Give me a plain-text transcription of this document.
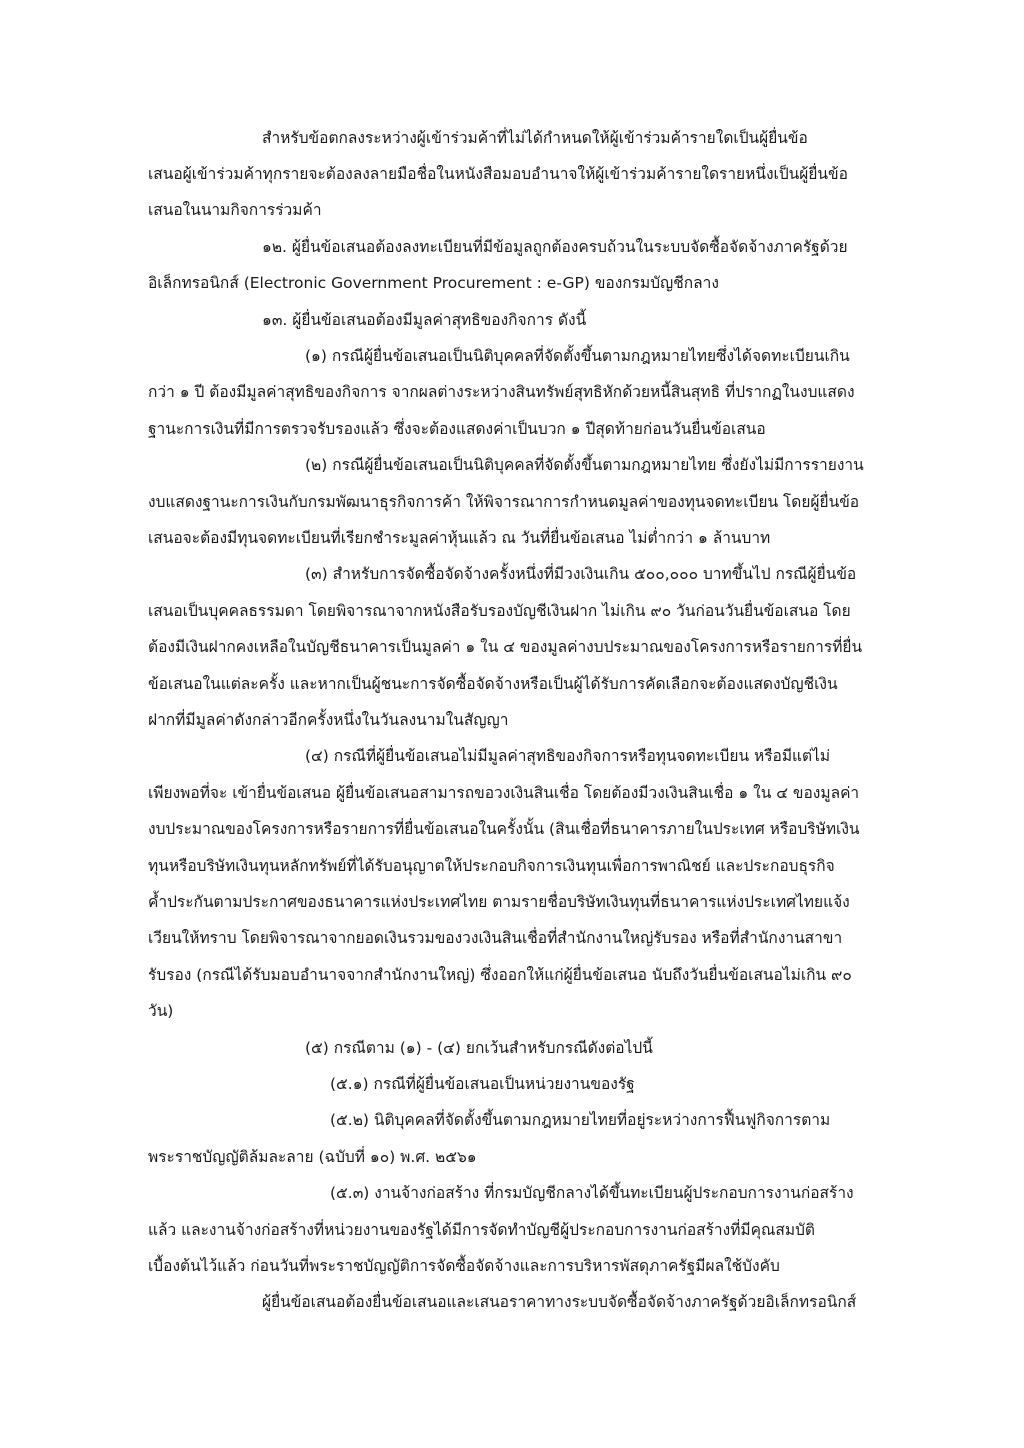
สำหรับข้อตกลงระหว่างผู้เข้าร่วมค้าที่ไม่ได้กำหนดให้ผู้เข้าร่วมค้ารายใดเป็นผู้ยื่นข้อ

เสนอผู้เข้าร่วมค้าทุกรายจะต้องลงลายมือชื่อในหนังสือมอบอำนาจให้ผู้เข้าร่วมค้ารายใดรายหนึ่งเป็นผู้ยื่นข้อ

เสนอในนามกิจการร่วมค้า

๑๒. ผู้ยื่นข้อเสนอต้องลงทะเบียนที่มีข้อมูลถูกต้องครบถ้วนในระบบจัดซื้อจัดจ้างภาครัฐด้วย

อิเล็กทรอนิกส์ (Electronic Government Procurement : e-GP) ของกรมบัญชีกลาง

๑๓. ผู้ยื่นข้อเสนอต้องมีมูลค่าสุทธิของกิจการ ดังนี้

(๑) กรณีผู้ยื่นข้อเสนอเป็นนิติบุคคลที่จัดตั้งขึ้นตามกฎหมายไทยซึ่งได้จดทะเบียนเกิน

กว่า ๑ ปี ต้องมีมูลค่าสุทธิของกิจการ จากผลต่างระหว่างสินทรัพย์สุทธิหักด้วยหนี้สินสุทธิ ที่ปรากฏในงบแสดง

ฐานะการเงินที่มีการตรวจรับรองแล้ว ซึ่งจะต้องแสดงค่าเป็นบวก ๑ ปีสุดท้ายก่อนวันยื่นข้อเสนอ

(๒) กรณีผู้ยื่นข้อเสนอเป็นนิติบุคคลที่จัดตั้งขึ้นตามกฎหมายไทย ซึ่งยังไม่มีการรายงาน

งบแสดงฐานะการเงินกับกรมพัฒนาธุรกิจการค้า ให้พิจารณาการกำหนดมูลค่าของทุนจดทะเบียน โดยผู้ยื่นข้อ

เสนอจะต้องมีทุนจดทะเบียนที่เรียกชำระมูลค่าหุ้นแล้ว ณ วันที่ยื่นข้อเสนอ ไม่ต่ำกว่า ๑ ล้านบาท

(๓) สำหรับการจัดซื้อจัดจ้างครั้งหนึ่งที่มีวงเงินเกิน ๕๐๐,๐๐๐ บาทขึ้นไป กรณีผู้ยื่นข้อ

เสนอเป็นบุคคลธรรมดา โดยพิจารณาจากหนังสือรับรองบัญชีเงินฝาก ไม่เกิน ๙๐ วันก่อนวันยื่นข้อเสนอ โดย

ต้องมีเงินฝากคงเหลือในบัญชีธนาคารเป็นมูลค่า ๑ ใน ๔ ของมูลค่างบประมาณของโครงการหรือรายการที่ยื่น

ข้อเสนอในแต่ละครั้ง และหากเป็นผู้ชนะการจัดซื้อจัดจ้างหรือเป็นผู้ได้รับการคัดเลือกจะต้องแสดงบัญชีเงิน

ฝากที่มีมูลค่าดังกล่าวอีกครั้งหนึ่งในวันลงนามในสัญญา

(๔) กรณีที่ผู้ยื่นข้อเสนอไม่มีมูลค่าสุทธิของกิจการหรือทุนจดทะเบียน หรือมีแต่ไม่

เพียงพอที่จะ เข้ายื่นข้อเสนอ ผู้ยื่นข้อเสนอสามารถขอวงเงินสินเชื่อ โดยต้องมีวงเงินสินเชื่อ ๑ ใน ๔ ของมูลค่า

งบประมาณของโครงการหรือรายการที่ยื่นข้อเสนอในครั้งนั้น (สินเชื่อที่ธนาคารภายในประเทศ หรือบริษัทเงิน

ทุนหรือบริษัทเงินทุนหลักทรัพย์ที่ได้รับอนุญาตให้ประกอบกิจการเงินทุนเพื่อการพาณิชย์ และประกอบธุรกิจ

ค้ำประกันตามประกาศของธนาคารแห่งประเทศไทย ตามรายชื่อบริษัทเงินทุนที่ธนาคารแห่งประเทศไทยแจ้ง

เวียนให้ทราบ โดยพิจารณาจากยอดเงินรวมของวงเงินสินเชื่อที่สำนักงานใหญ่รับรอง หรือที่สำนักงานสาขา

รับรอง (กรณีได้รับมอบอำนาจจากสำนักงานใหญ่) ซึ่งออกให้แก่ผู้ยื่นข้อเสนอ นับถึงวันยื่นข้อเสนอไม่เกิน ๙๐

วัน)

(๕) กรณีตาม (๑) - (๔) ยกเว้นสำหรับกรณีดังต่อไปนี้

(๕.๑) กรณีที่ผู้ยื่นข้อเสนอเป็นหน่วยงานของรัฐ

(๕.๒) นิติบุคคลที่จัดตั้งขึ้นตามกฎหมายไทยที่อยู่ระหว่างการฟื้นฟูกิจการตาม

พระราชบัญญัติล้มละลาย (ฉบับที่ ๑๐) พ.ศ. ๒๕๖๑

(๕.๓) งานจ้างก่อสร้าง ที่กรมบัญชีกลางได้ขึ้นทะเบียนผู้ประกอบการงานก่อสร้าง

แล้ว และงานจ้างก่อสร้างที่หน่วยงานของรัฐได้มีการจัดทำบัญชีผู้ประกอบการงานก่อสร้างที่มีคุณสมบัติ

เบื้องต้นไว้แล้ว ก่อนวันที่พระราชบัญญัติการจัดซื้อจัดจ้างและการบริหารพัสดุภาครัฐมีผลใช้บังคับ

ผู้ยื่นข้อเสนอต้องยื่นข้อเสนอและเสนอราคาทางระบบจัดซื้อจัดจ้างภาครัฐด้วยอิเล็กทรอนิกส์
